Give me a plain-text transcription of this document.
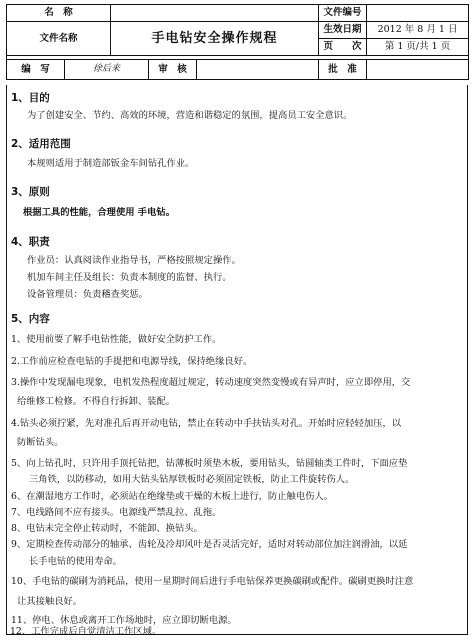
名　称					文件编号	
文件名称		手电钻安全操作规程			生效日期	2012 年 8 月 1 日
					页　　次	第 1 页/共 1 页

编　写	徐后来		审　核		批　准	
1、目的
为了创建安全、节约、高效的环境，营造和谐稳定的氛围，提高员工安全意识。
2、适用范围
本规则适用于制造部钣金车间钻孔作业。
3、原则
根据工具的性能，合理使用 手电钻。
4、职责
作业员：认真阅读作业指导书，严格按照规定操作。
机加车间主任及组长：负责本制度的监督、执行。
设备管理员：负责稽查奖惩。
5、内容
1、使用前要了解手电钻性能，做好安全防护工作。
2.工作前应检查电钻的手提把和电源导线，保持绝缘良好。
3.操作中发现漏电现象，电机发热程度超过规定，转动速度突然变慢或有异声时，应立即停用，交
给维修工检修。不得自行拆卸、装配。
4.钻头必须拧紧，先对准孔后再开动电钻，禁止在转动中手扶钻头对孔。开始时应轻轻加压，以
防断钻头。
5、向上钻孔时，只许用手顶托钻把，钻薄板时须垫木板，要用钻头，钻圆轴类工件时，下面应垫
三角铁，以防移动，如用大钻头钻厚铁板时必须固定铁板，防止工件旋转伤人。
6、在潮湿地方工作时，必须站在绝缘垫或干燥的木板上进行，防止触电伤人。
7、电线路间不应有接头。电源线严禁乱拉、乱拖。
8、电钻未完全停止转动时，不能卸、换钻头。
9、定期检查传动部分的轴承、齿轮及冷却风叶是否灵活完好，适时对转动部位加注润滑油，以延
长手电钻的使用寿命。
10、手电钻的碳刷为消耗品，使用一星期时间后进行手电钻保养更换碳刷或配件。碳刷更换时注意
让其接触良好。
11、停电、休息或离开工作场地时，应立即切断电源。
12、工作完成后自觉清洁工作区域。
